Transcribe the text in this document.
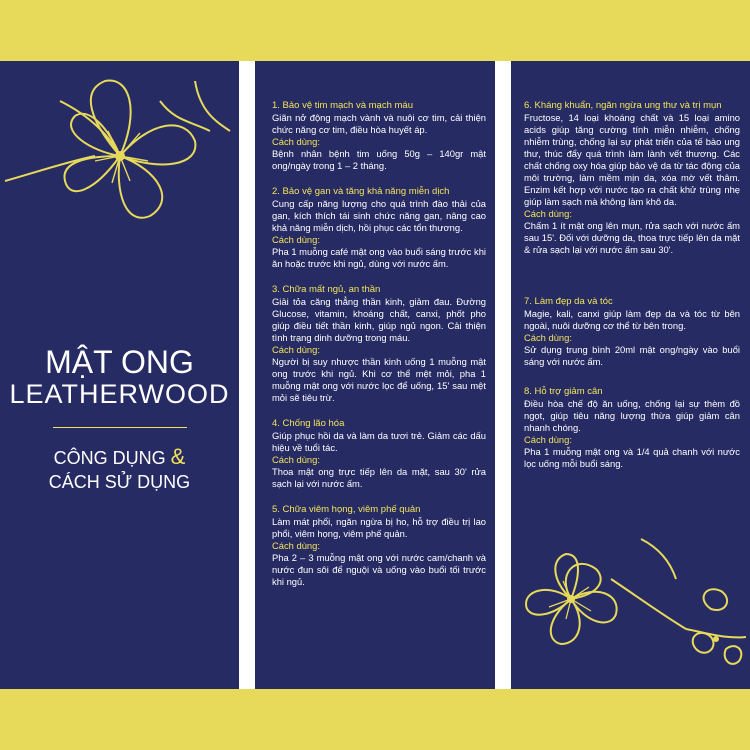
MẬT ONG
LEATHERWOOD
CÔNG DỤNG &
CÁCH SỬ DỤNG
1. Bảo vệ tim mạch và mạch máu
Giãn nở động mạch vành và nuôi cơ tim, cải thiện chức năng cơ tim, điều hòa huyết áp.
Cách dùng:
Bệnh nhân bệnh tim uống 50g – 140gr mật ong/ngày trong 1 – 2 tháng.
2. Bảo vệ gan và tăng khả năng miễn dịch
Cung cấp năng lượng cho quá trình đào thải của gan, kích thích tái sinh chức năng gan, nâng cao khả năng miễn dịch, hồi phục các tổn thương.
Cách dùng:
Pha 1 muỗng café mật ong vào buổi sáng trước khi ăn hoặc trước khi ngủ, dùng với nước ấm.
3. Chữa mất ngủ, an thần
Giải tỏa căng thẳng thần kinh, giảm đau. Đường Glucose, vitamin, khoáng chất, canxi, phốt pho giúp điều tiết thần kinh, giúp ngủ ngon. Cải thiện tình trạng dinh dưỡng trong máu.
Cách dùng:
Người bị suy nhược thần kinh uống 1 muỗng mật ong trước khi ngủ. Khi cơ thể mệt mỏi, pha 1 muỗng mật ong với nước lọc để uống, 15' sau mệt mỏi sẽ tiêu trừ.
4. Chống lão hóa
Giúp phục hồi da và làm da tươi trẻ. Giảm các dấu hiệu về tuổi tác.
Cách dùng:
Thoa mật ong trực tiếp lên da mặt, sau 30' rửa sạch lại với nước ấm.
5. Chữa viêm họng, viêm phế quản
Làm mát phổi, ngăn ngừa bị ho, hỗ trợ điều trị lao phổi, viêm họng, viêm phế quản.
Cách dùng:
Pha 2 – 3 muỗng mật ong với nước cam/chanh và nước đun sôi để nguội và uống vào buổi tối trước khi ngủ.
6. Kháng khuẩn, ngăn ngừa ung thư và trị mụn
Fructose, 14 loại khoáng chất và 15 loại amino acids giúp tăng cường tính miễn nhiễm, chống nhiễm trùng, chống lại sự phát triển của tế bào ung thư, thúc đẩy quá trình làm lành vết thương. Các chất chống oxy hóa giúp bảo vệ da từ tác động của môi trường, làm mềm mịn da, xóa mờ vết thâm. Enzim kết hợp với nước tạo ra chất khử trùng nhẹ giúp làm sạch mà không làm khô da.
Cách dùng:
Chấm 1 ít mật ong lên mụn, rửa sạch với nước ấm sau 15'. Đối với dưỡng da, thoa trực tiếp lên da mặt & rửa sạch lại với nước ấm sau 30'.
7. Làm đẹp da và tóc
Magie, kali, canxi giúp làm đẹp da và tóc từ bên ngoài, nuôi dưỡng cơ thể từ bên trong.
Cách dùng:
Sử dụng trung bình 20ml mật ong/ngày vào buổi sáng với nước ấm.
8. Hỗ trợ giảm cân
Điều hòa chế độ ăn uống, chống lại sự thèm đồ ngọt, giúp tiêu năng lượng thừa giúp giảm cân nhanh chóng.
Cách dùng:
Pha 1 muỗng mật ong và 1/4 quả chanh với nước lọc uống mỗi buổi sáng.
